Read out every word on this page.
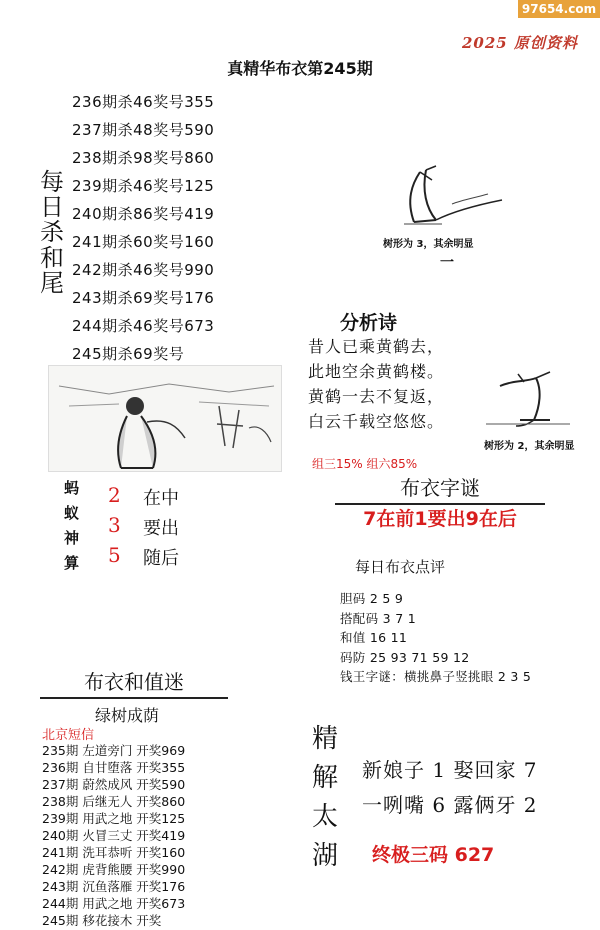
97654.com
2025 原创资料
真精华布衣第245期
每
日
杀
和
尾
236期杀46奖号355
237期杀48奖号590
238期杀98奖号860
239期杀46奖号125
240期杀86奖号419
241期杀60奖号160
242期杀46奖号990
243期杀69奖号176
244期杀46奖号673
245期杀69奖号
树形为 3，其余明显
一
分析诗
昔人已乘黄鹤去，
此地空余黄鹤楼。
黄鹤一去不复返，
白云千载空悠悠。
树形为 2，其余明显
组三15% 组六85%
蚂
蚁
神
算
2
3
5
在中
要出
随后
布衣字谜
7在前1要出9在后
每日布衣点评
胆码 2 5 9
搭配码 3 7 1
和值 16 11
码防 25 93 71 59 12
钱王字谜：横挑鼻子竖挑眼 2 3 5
布衣和值迷
绿树成荫
北京短信
235期 左道旁门 开奖969
236期 自甘堕落 开奖355
237期 蔚然成风 开奖590
238期 后继无人 开奖860
239期 用武之地 开奖125
240期 火冒三丈 开奖419
241期 洗耳恭听 开奖160
242期 虎背熊腰 开奖990
243期 沉鱼落雁 开奖176
244期 用武之地 开奖673
245期 移花接木 开奖
精
解
太
湖
新娘子 1 娶回家 7
一咧嘴 6 露俩牙 2
终极三码 627
